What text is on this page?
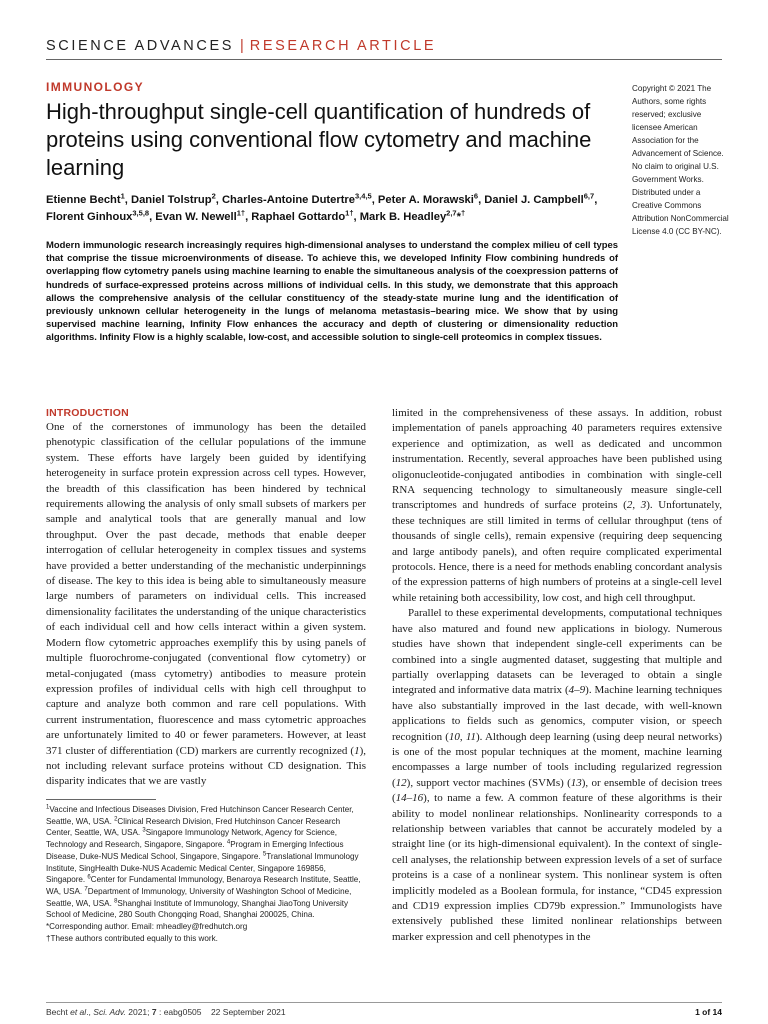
SCIENCE ADVANCES | RESEARCH ARTICLE
IMMUNOLOGY
High-throughput single-cell quantification of hundreds of proteins using conventional flow cytometry and machine learning
Etienne Becht$^1$, Daniel Tolstrup$^2$, Charles-Antoine Dutertre$^{3,4,5}$, Peter A. Morawski$^6$, Daniel J. Campbell$^{6,7}$, Florent Ginhoux$^{3,5,8}$, Evan W. Newell$^{1\dagger}$, Raphael Gottardo$^{1\dagger}$, Mark B. Headley$^{2,7}$*†

Modern immunologic research increasingly requires high-dimensional analyses to understand the complex milieu of cell types that comprise the tissue microenvironments of disease. To achieve this, we developed Infinity Flow combining hundreds of overlapping flow cytometry panels using machine learning to enable the simultaneous analysis of the coexpression patterns of hundreds of surface-expressed proteins across millions of individual cells. In this study, we demonstrate that this approach allows the comprehensive analysis of the cellular constituency of the steady-state murine lung and the identification of previously unknown cellular heterogeneity in the lungs of melanoma metastasis–bearing mice. We show that by using supervised machine learning, Infinity Flow enhances the accuracy and depth of clustering or dimensionality reduction algorithms. Infinity Flow is a highly scalable, low-cost, and accessible solution to single-cell proteomics in complex tissues.

Copyright © 2021 The Authors, some rights reserved; exclusive licensee American Association for the Advancement of Science. No claim to original U.S. Government Works. Distributed under a Creative Commons Attribution NonCommercial License 4.0 (CC BY-NC).
INTRODUCTION

One of the cornerstones of immunology has been the detailed phenotypic classification of the cellular populations of the immune system. These efforts have largely been guided by identifying heterogeneity in surface protein expression across cell types. However, the breadth of this classification has been hindered by technical requirements allowing the analysis of only small subsets of markers per sample and analytical tools that are generally manual and low throughput. Over the past decade, methods that enable deeper interrogation of cellular heterogeneity in complex tissues and systems have provided a better understanding of the mechanistic underpinnings of disease. The key to this idea is being able to simultaneously measure large numbers of parameters on individual cells. This increased dimensionality facilitates the understanding of the unique characteristics of each individual cell and how cells interact within a given system. Modern flow cytometric approaches exemplify this by using panels of multiple fluorochrome-conjugated (conventional flow cytometry) or metal-conjugated (mass cytometry) antibodies to measure protein expression profiles of individual cells with high cell throughput to capture and analyze both common and rare cell populations. With current instrumentation, fluorescence and mass cytometric approaches are unfortunately limited to 40 or fewer parameters. However, at least 371 cluster of differentiation (CD) markers are currently recognized (1), not including relevant surface proteins without CD designation. This disparity indicates that we are vastly

limited in the comprehensiveness of these assays. In addition, robust implementation of panels approaching 40 parameters requires extensive experience and optimization, as well as dedicated and uncommon instrumentation. Recently, several approaches have been published using oligonucleotide-conjugated antibodies in combination with single-cell RNA sequencing technology to simultaneously measure single-cell transcriptomes and hundreds of surface proteins (2, 3). Unfortunately, these techniques are still limited in terms of cellular throughput (tens of thousands of single cells), remain expensive (requiring deep sequencing and large antibody panels), and often require complicated experimental protocols. Hence, there is a need for methods enabling concordant analysis of the expression patterns of high numbers of proteins at a single-cell level while retaining both accessibility, low cost, and high cell throughput.

Parallel to these experimental developments, computational techniques have also matured and found new applications in biology. Numerous studies have shown that independent single-cell experiments can be combined into a single augmented dataset, suggesting that multiple and partially overlapping datasets can be leveraged to obtain a single integrated and informative data matrix (4–9). Machine learning techniques have also substantially improved in the last decade, with well-known applications to fields such as genomics, computer vision, or speech recognition (10, 11). Although deep learning (using deep neural networks) is one of the most popular techniques at the moment, machine learning encompasses a large number of tools including regularized regression (12), support vector machines (SVMs) (13), or ensemble of decision trees (14–16), to name a few. A common feature of these algorithms is their ability to model nonlinear relationships. Nonlinearity corresponds to a relationship between variables that cannot be accurately modeled by a straight line (or its high-dimensional equivalent). In the context of single-cell analyses, the relationship between expression levels of a set of surface proteins is a case of a nonlinear system. This nonlinear system is often implicitly modeled as a Boolean formula, for instance, “CD45 expression and CD19 expression implies CD79b expression.” Immunologists have extensively published these limited nonlinear relationships between marker expression and cell phenotypes in the

$^1$Vaccine and Infectious Diseases Division, Fred Hutchinson Cancer Research Center, Seattle, WA, USA. $^2$Clinical Research Division, Fred Hutchinson Cancer Research Center, Seattle, WA, USA. $^3$Singapore Immunology Network, Agency for Science, Technology and Research, Singapore, Singapore. $^4$Program in Emerging Infectious Disease, Duke-NUS Medical School, Singapore, Singapore. $^5$Translational Immunology Institute, SingHealth Duke-NUS Academic Medical Center, Singapore 169856, Singapore. $^6$Center for Fundamental Immunology, Benaroya Research Institute, Seattle, WA, USA. $^7$Department of Immunology, University of Washington School of Medicine, Seattle, WA, USA. $^8$Shanghai Institute of Immunology, Shanghai JiaoTong University School of Medicine, 280 South Chongqing Road, Shanghai 200025, China.

*Corresponding author. Email: mheadley@fredhutch.org

†These authors contributed equally to this work.

Becht et al., Sci. Adv. 2021; 7 : eabg0505    22 September 2021	1 of 14
